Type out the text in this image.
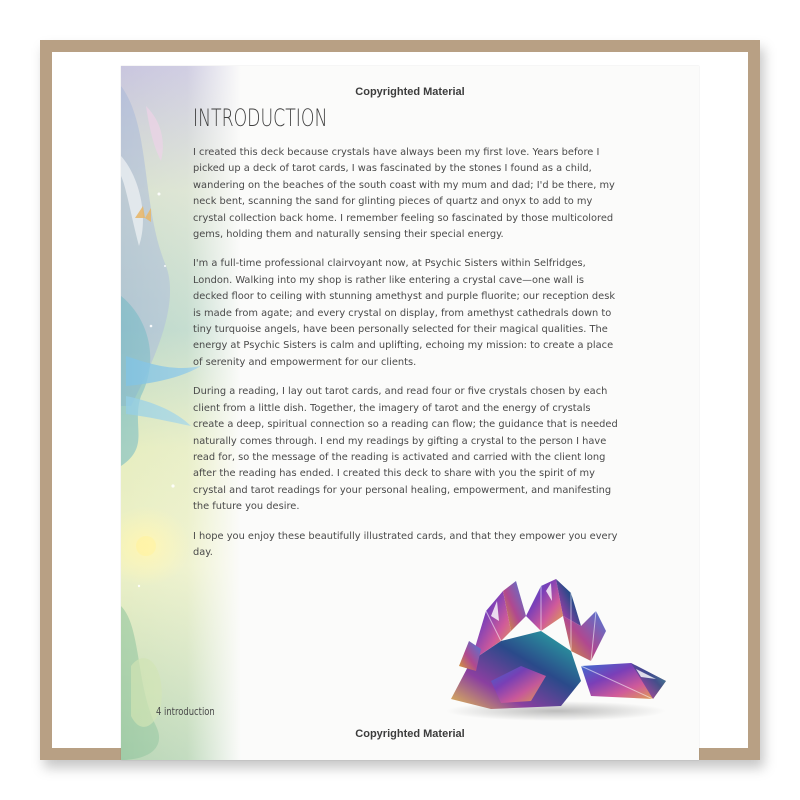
Copyrighted Material
INTRODUCTION

I created this deck because crystals have always been my first love. Years before I picked up a deck of tarot cards, I was fascinated by the stones I found as a child, wandering on the beaches of the south coast with my mum and dad; I'd be there, my neck bent, scanning the sand for glinting pieces of quartz and onyx to add to my crystal collection back home. I remember feeling so fascinated by those multicolored gems, holding them and naturally sensing their special energy.

I'm a full-time professional clairvoyant now, at Psychic Sisters within Selfridges, London. Walking into my shop is rather like entering a crystal cave—one wall is decked floor to ceiling with stunning amethyst and purple fluorite; our reception desk is made from agate; and every crystal on display, from amethyst cathedrals down to tiny turquoise angels, have been personally selected for their magical qualities. The energy at Psychic Sisters is calm and uplifting, echoing my mission: to create a place of serenity and empowerment for our clients.

During a reading, I lay out tarot cards, and read four or five crystals chosen by each client from a little dish. Together, the imagery of tarot and the energy of crystals create a deep, spiritual connection so a reading can flow; the guidance that is needed naturally comes through. I end my readings by gifting a crystal to the person I have read for, so the message of the reading is activated and carried with the client long after the reading has ended. I created this deck to share with you the spirit of my crystal and tarot readings for your personal healing, empowerment, and manifesting the future you desire.

I hope you enjoy these beautifully illustrated cards, and that they empower you every day.

4 introduction
Copyrighted Material
